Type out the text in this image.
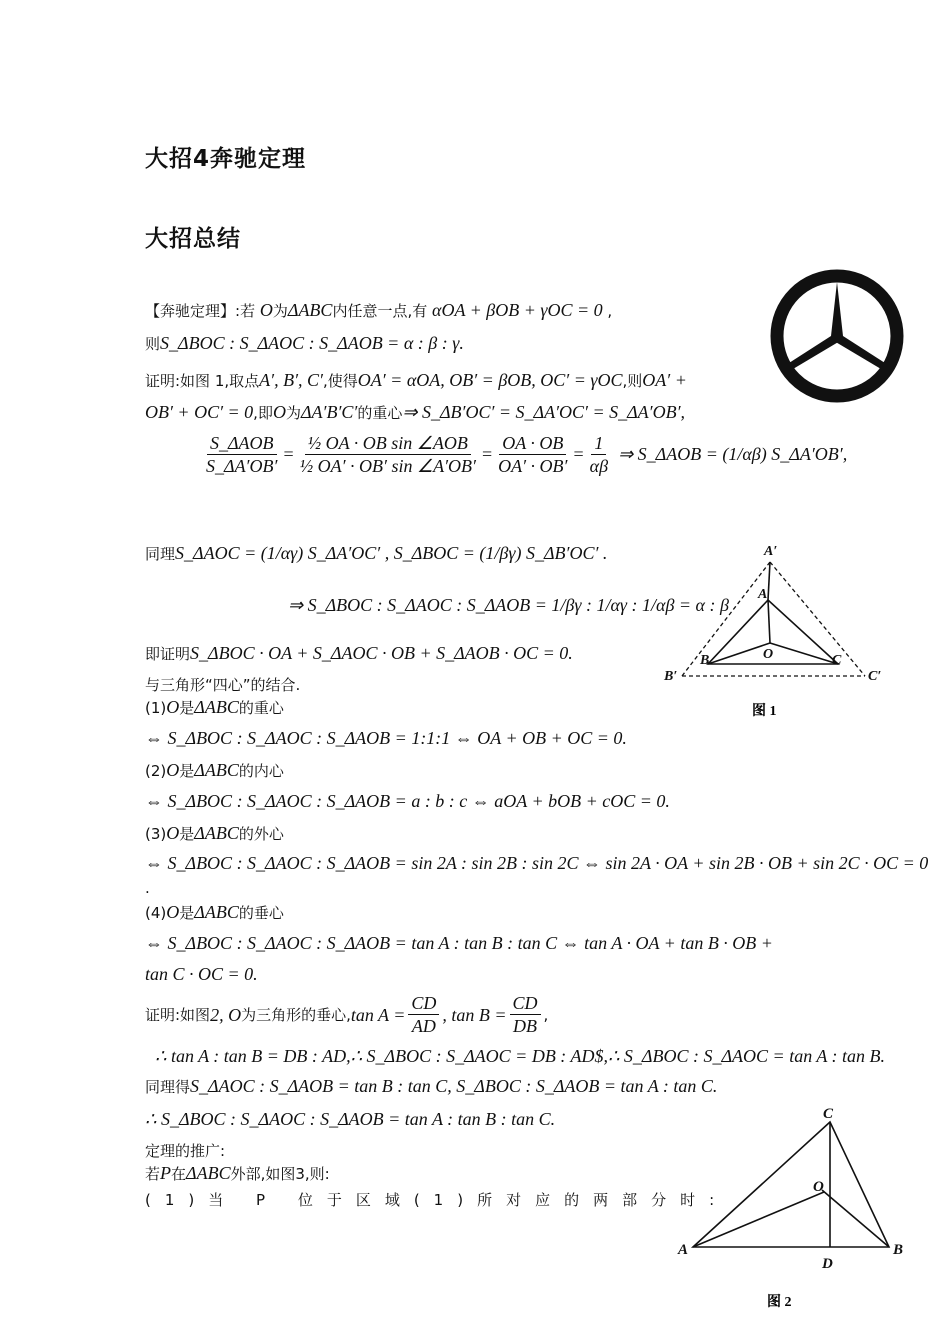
大招4奔驰定理
大招总结
【奔驰定理】:若 O为ΔABC内任意一点,有 αOA + βOB + γOC = 0 ,
则S_ΔBOC : S_ΔAOC : S_ΔAOB = α : β : γ.
证明:如图 1,取点A′, B′, C′,使得OA′ = αOA, OB′ = βOB, OC′ = γOC,则OA′ +
OB′ + OC′ = 0,即O为ΔA′B′C′的重心⇒ S_ΔB′OC′ = S_ΔA′OC′ = S_ΔA′OB′,
$\frac{\text{S\_ΔAOB}}{S\_\Delta A'OB'} = \frac{\text{½ OA · OB sin ∠AOB}}{\text{½ OA′ · OB′ sin ∠A′OB′}} = \frac{OA \cdot OB}{OA' \cdot OB'} = \frac{1}{\alpha\beta}$ ⇒ S_ΔAOB = (1/αβ) S_ΔA′OB′,
同理S_ΔAOC = (1/αγ) S_ΔA′OC′ , S_ΔBOC = (1/βγ) S_ΔB′OC′ .
⇒ S_ΔBOC : S_ΔAOC : S_ΔAOB = 1/βγ : 1/αγ : 1/αβ = α : β
即证明S_ΔBOC · OA + S_ΔAOC · OB + S_ΔAOB · OC = 0.
与三角形“四心”的结合.
(1)O是ΔABC的重心
⇔ S_ΔBOC : S_ΔAOC : S_ΔAOB = 1:1:1 ⇔ OA + OB + OC = 0.
(2)O是ΔABC的内心
⇔ S_ΔBOC : S_ΔAOC : S_ΔAOB = a : b : c ⇔ aOA + bOB + cOC = 0.
(3)O是ΔABC的外心
⇔ S_ΔBOC : S_ΔAOC : S_ΔAOB = sin 2A : sin 2B : sin 2C ⇔ sin 2A · OA + sin 2B · OB + sin 2C · OC = 0
.
(4)O是ΔABC的垂心
⇔ S_ΔBOC : S_ΔAOC : S_ΔAOB = tan A : tan B : tan C ⇔ tan A · OA + tan B · OB +
tan C · OC = 0.
证明:如图 2, O 为三角形的垂心, $\tan A = \frac{CD}{AD}$ , $\tan B = \frac{CD}{DB}$ ,
∴ tan A : tan B = DB : AD,∴ S_ΔBOC : S_ΔAOC = DB : AD$,∴ S_ΔBOC : S_ΔAOC = tan A : tan B.
同理得S_ΔAOC : S_ΔAOB = tan B : tan C, S_ΔBOC : S_ΔAOB = tan A : tan C.
∴ S_ΔBOC : S_ΔAOC : S_ΔAOB = tan A : tan B : tan C.
定理的推广:
若P在ΔABC外部,如图3,则:
(1)当 P 位于区域(1)所对应的两部分时:
A′
A
O
B	C
B′	C′
图 1
C
O
A	B
D
图 2
